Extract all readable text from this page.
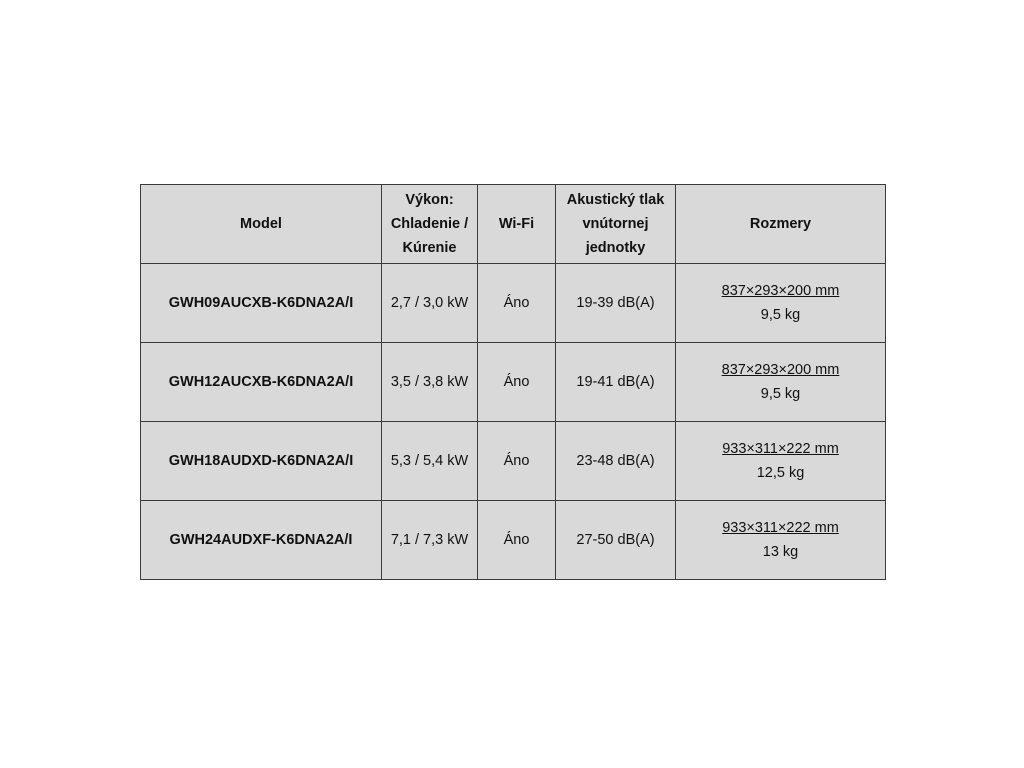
Model	Výkon:
Chladenie /
Kúrenie	Wi-Fi	Akustický tlak
vnútornej
jednotky	Rozmery
GWH09AUCXB-K6DNA2A/I	2,7 / 3,0 kW	Áno	19-39 dB(A)	837×293×200 mm
9,5 kg

GWH12AUCXB-K6DNA2A/I	3,5 / 3,8 kW	Áno	19-41 dB(A)	837×293×200 mm
9,5 kg

GWH18AUDXD-K6DNA2A/I	5,3 / 5,4 kW	Áno	23-48 dB(A)	933×311×222 mm
12,5 kg

GWH24AUDXF-K6DNA2A/I	7,1 / 7,3 kW	Áno	27-50 dB(A)	933×311×222 mm
13 kg
